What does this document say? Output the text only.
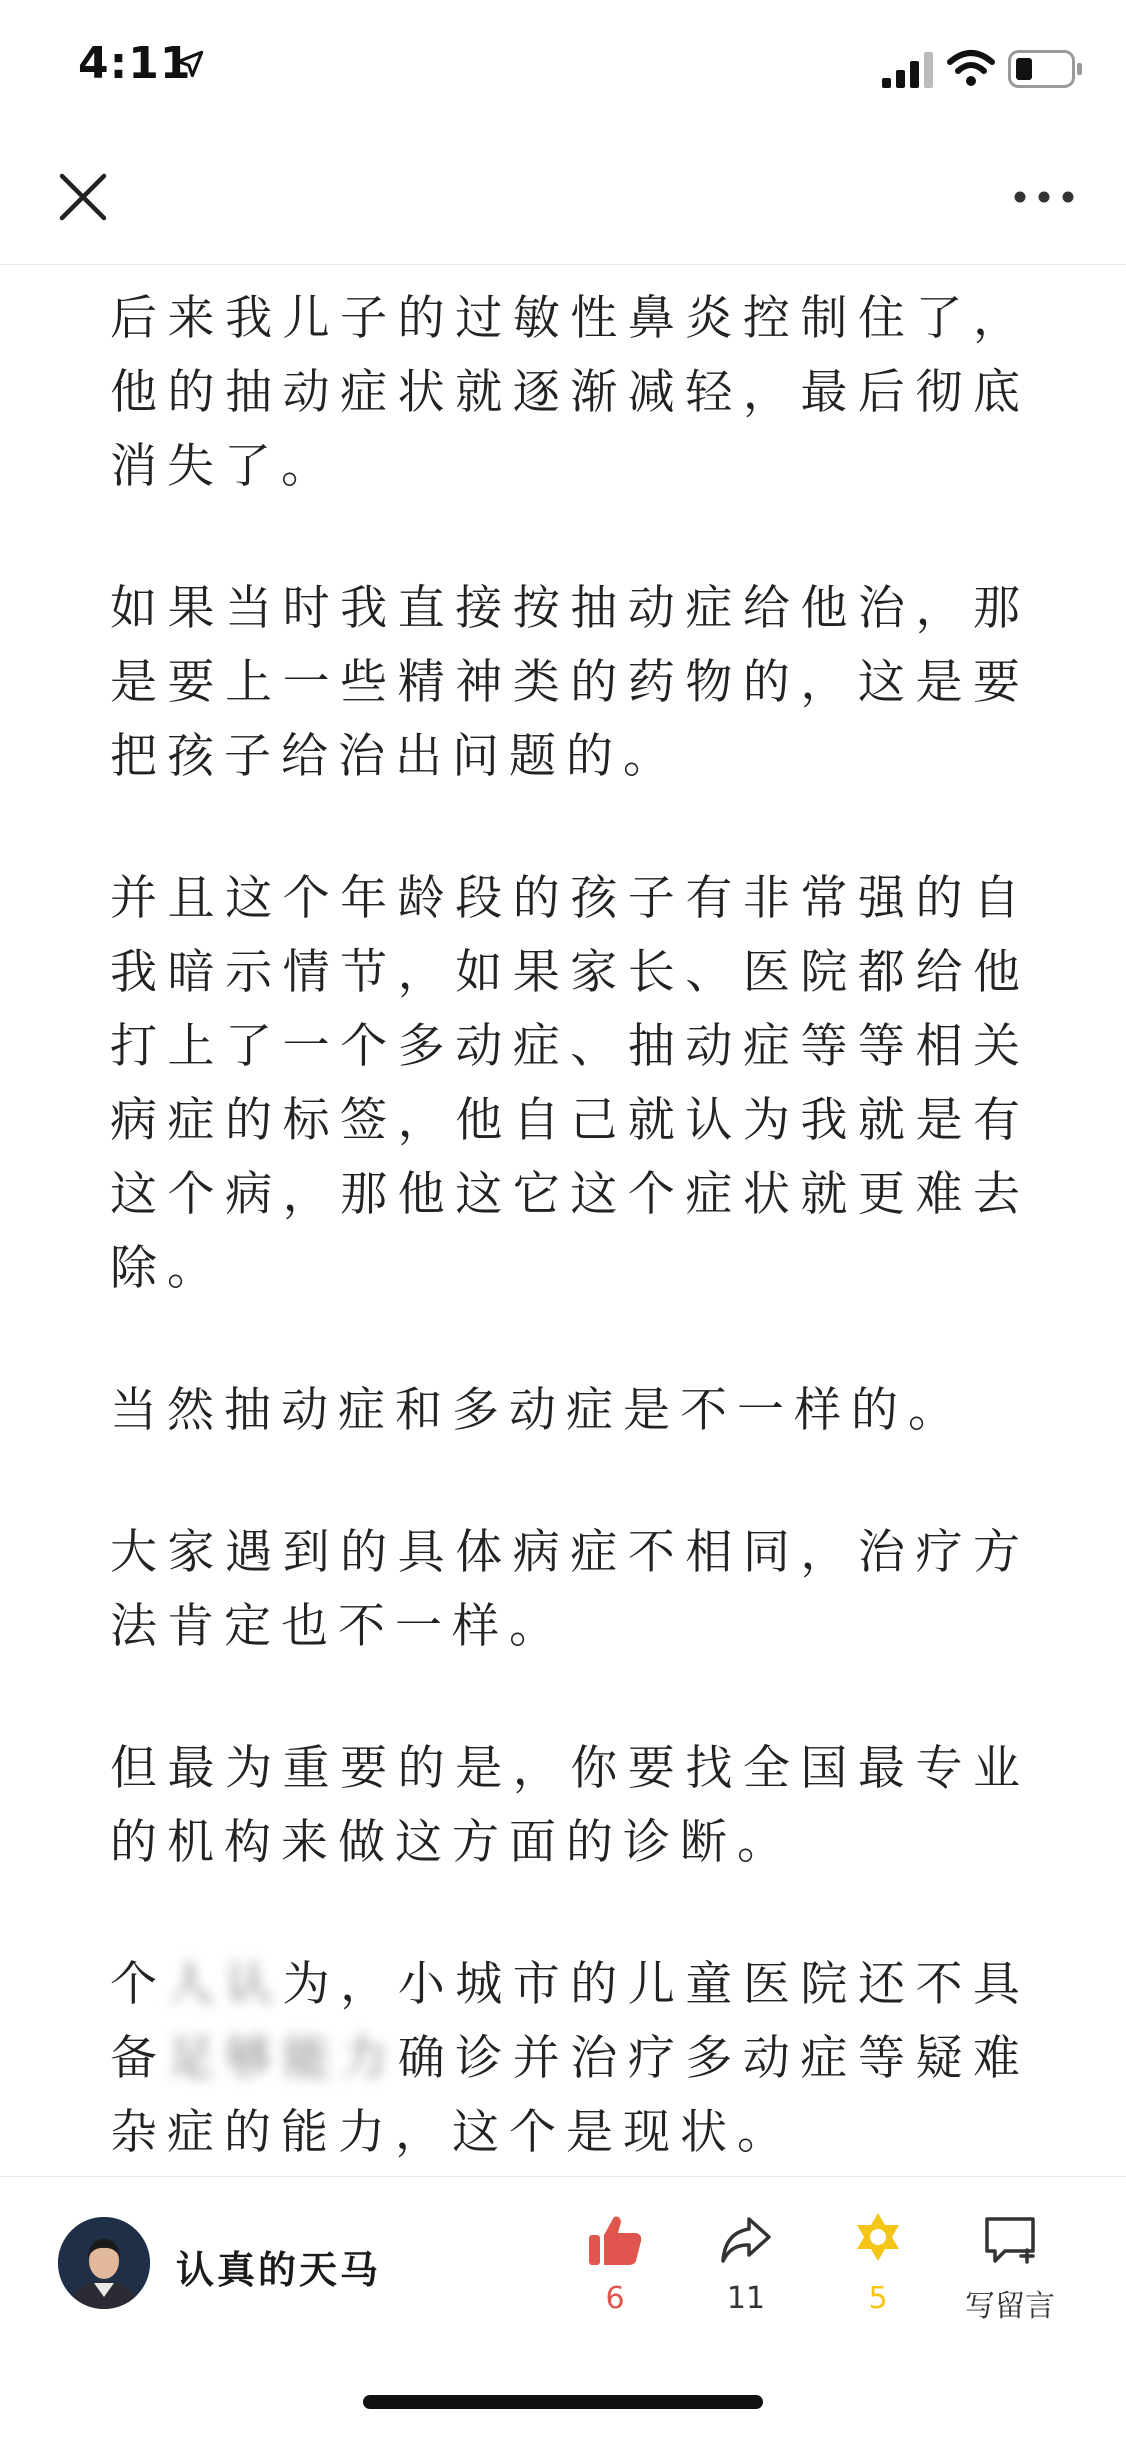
4:11

后来我儿子的过敏性鼻炎控制住了，他的抽动症状就逐渐减轻，最后彻底消失了。

如果当时我直接按抽动症给他治，那是要上一些精神类的药物的，这是要把孩子给治出问题的。

并且这个年龄段的孩子有非常强的自我暗示情节，如果家长、医院都给他打上了一个多动症、抽动症等等相关病症的标签，他自己就认为我就是有这个病，那他这它这个症状就更难去除。

当然抽动症和多动症是不一样的。

大家遇到的具体病症不相同，治疗方法肯定也不一样。

但最为重要的是，你要找全国最专业的机构来做这方面的诊断。

个人认为，小城市的儿童医院还不具备足够能力确诊并治疗多动症等疑难杂症的能力，这个是现状。

认真的天马
6	11	5	写留言
